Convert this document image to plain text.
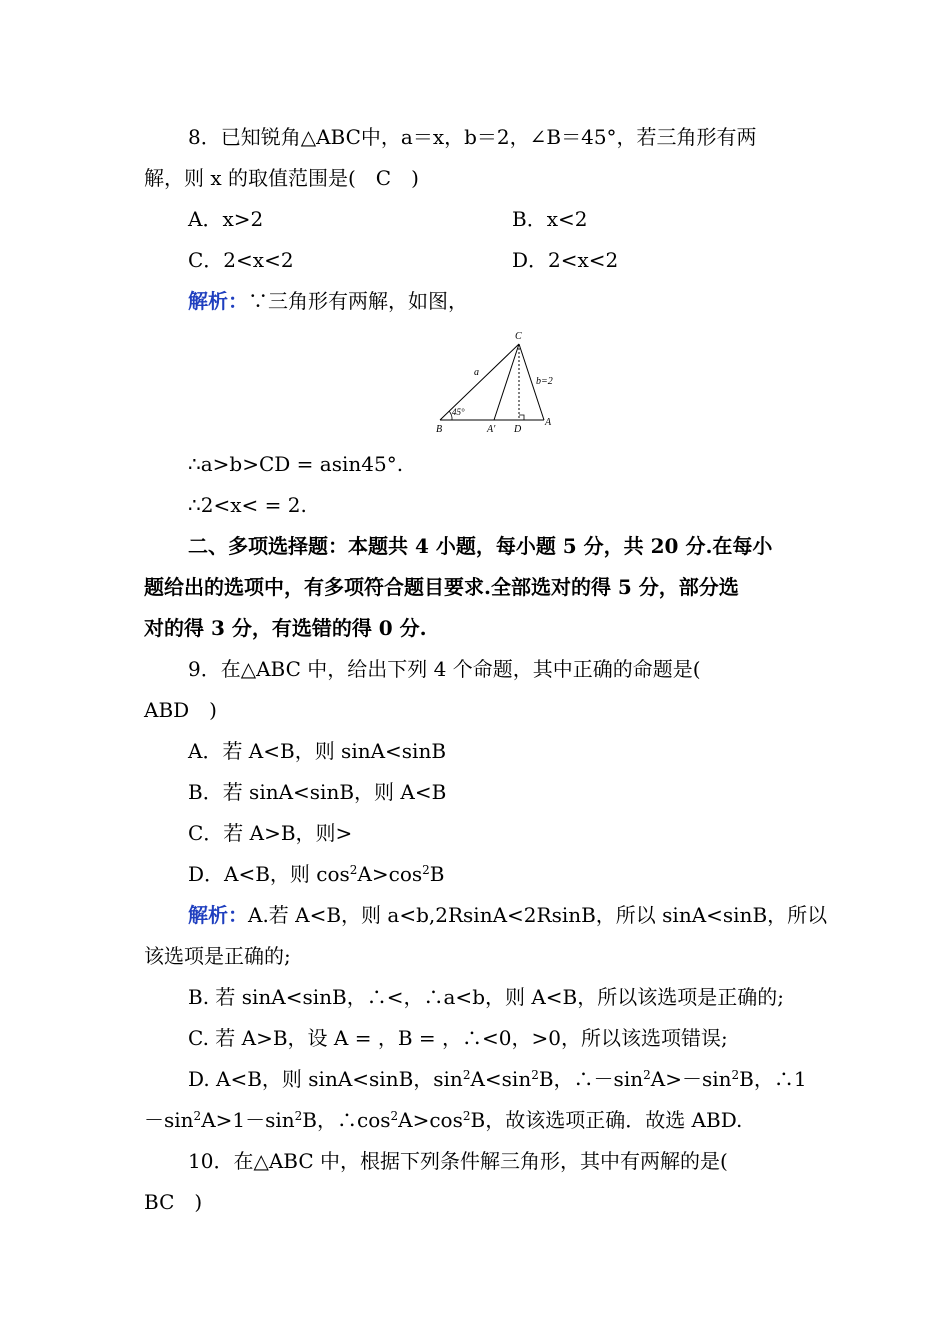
8．已知锐角△ABC中，a＝x，b＝2，∠B＝45°，若三角形有两
解，则 x 的取值范围是(　C　)
A．x>2	B．x<2
C．2<x<2	D．2<x<2
解析：∵三角形有两解，如图，
C
a
b=2
45°
B	A′ D
A
∴a>b>CD = asin45°.
∴2<x< = 2.
二、多项选择题：本题共 4 小题，每小题 5 分，共 20 分.在每小
题给出的选项中，有多项符合题目要求.全部选对的得 5 分，部分选
对的得 3 分，有选错的得 0 分.
9．在△ABC 中，给出下列 4 个命题，其中正确的命题是(
ABD　)
A．若 A<B，则 sinA<sinB
B．若 sinA<sinB，则 A<B
C．若 A>B，则>
D．A<B，则 $\cos^2A>\cos^2B$
解析：A.若 A<B，则 a<b,2RsinA<2RsinB，所以 sinA<sinB，所以
该选项是正确的;
B. 若 sinA<sinB，∴<，∴a<b，则 A<B，所以该选项是正确的;
C. 若 A>B，设 A = ，B = ，∴<0，>0，所以该选项错误;
D. A<B，则 sinA<sinB，$\sin^2A<\sin^2B$，$\therefore-\sin^2A>-\sin^2B$，∴1
$-\sin^2A>1-\sin^2B$，$\therefore\cos^2A>\cos^2B$，故该选项正确．故选 ABD.
10．在△ABC 中，根据下列条件解三角形，其中有两解的是(
BC　)
